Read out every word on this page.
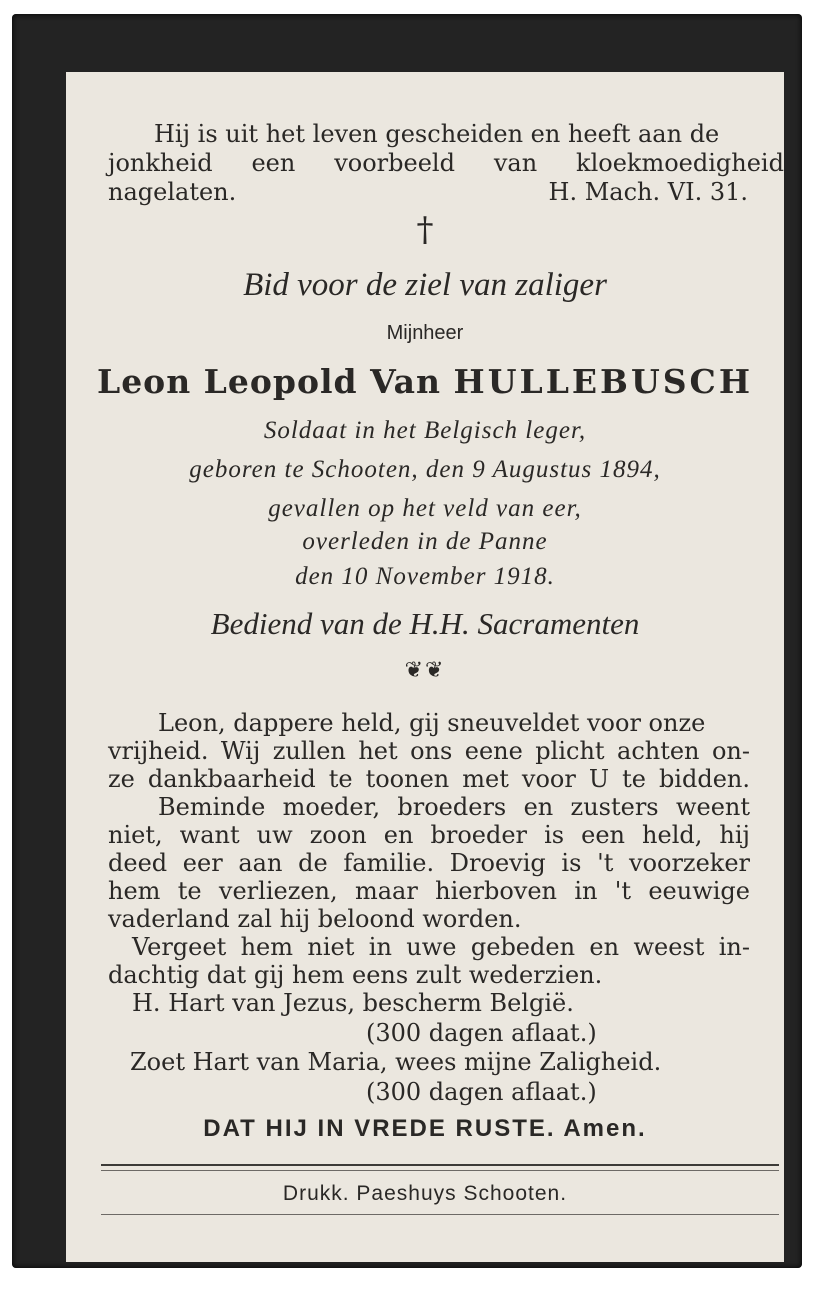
Hij is uit het leven gescheiden en heeft aan de
jonkheid een voorbeeld van kloekmoedigheid
nagelaten.	H. Mach. VI. 31.
†
Bid voor de ziel van zaliger
Mijnheer
Leon Leopold Van HULLEBUSCH
Soldaat in het Belgisch leger,
geboren te Schooten, den 9 Augustus 1894,
gevallen op het veld van eer,
overleden in de Panne
den 10 November 1918.
Bediend van de H.H. Sacramenten
❦❦
Leon, dappere held, gij sneuveldet voor onze
vrijheid. Wij zullen het ons eene plicht achten on-
ze dankbaarheid te toonen met voor U te bidden.
Beminde moeder, broeders en zusters weent
niet, want uw zoon en broeder is een held, hij
deed eer aan de familie. Droevig is 't voorzeker
hem te verliezen, maar hierboven in 't eeuwige
vaderland zal hij beloond worden.
Vergeet hem niet in uwe gebeden en weest in-
dachtig dat gij hem eens zult wederzien.
H. Hart van Jezus, bescherm België.
(300 dagen aflaat.)
Zoet Hart van Maria, wees mijne Zaligheid.
(300 dagen aflaat.)
DAT HIJ IN VREDE RUSTE. Amen.
Drukk. Paeshuys Schooten.
